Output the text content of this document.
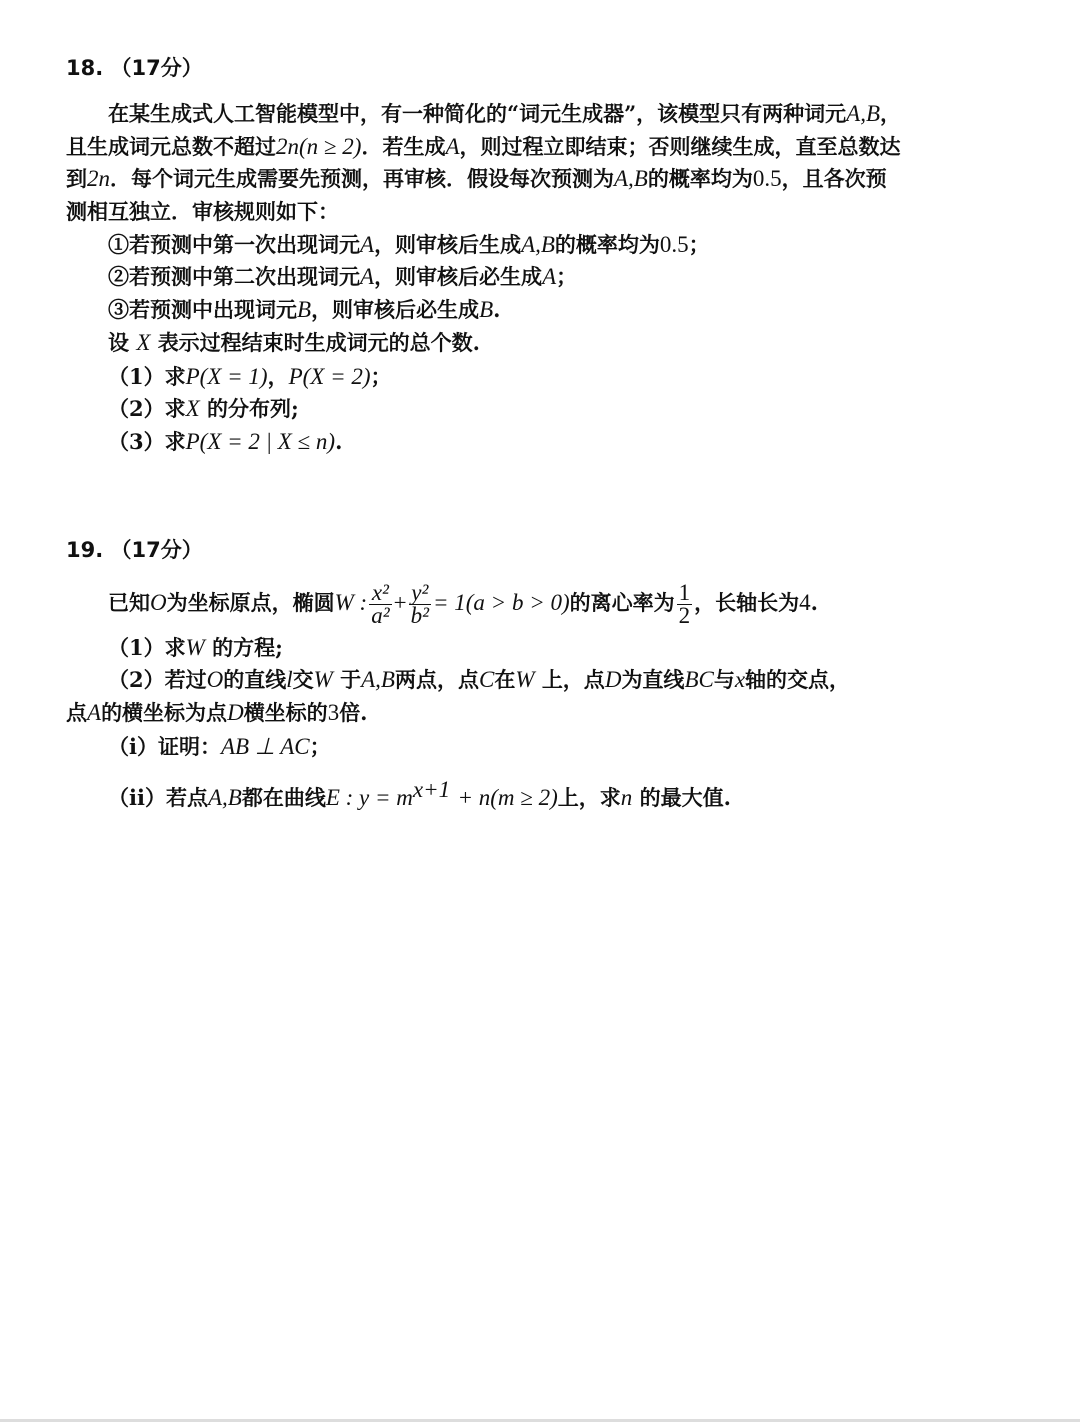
18. （17分）
在某生成式人工智能模型中，有一种简化的“词元生成器”，该模型只有两种词元A,B，
且生成词元总数不超过2n(n ≥ 2)．若生成A，则过程立即结束；否则继续生成，直至总数达
到2n．每个词元生成需要先预测，再审核．假设每次预测为A,B的概率均为0.5，且各次预
测相互独立．审核规则如下：
①若预测中第一次出现词元A，则审核后生成A,B的概率均为0.5；
②若预测中第二次出现词元A，则审核后必生成A；
③若预测中出现词元B，则审核后必生成B.
设 X 表示过程结束时生成词元的总个数.
（1）求P(X = 1)，P(X = 2)；
（2）求X 的分布列;
（3）求P(X = 2 | X ≤ n).
19. （17分）
已知O为坐标原点，椭圆W : $\frac{\text{x²}}{\text{a²}} + \frac{\text{y²}}{\text{b²}} = 1(a > b > 0)$的离心率为 $\frac{1}{2}$ ，长轴长为4.
（1）求W 的方程;
（2）若过O的直线l交W 于A,B两点，点C在W 上，点D为直线BC与x轴的交点，
点A的横坐标为点D横坐标的3倍.
（ⅰ）证明：AB ⊥ AC；
（ⅱ）若点A,B都在曲线E : $y = m^{x+1} + n(m \ge 2)$上，求n 的最大值.
